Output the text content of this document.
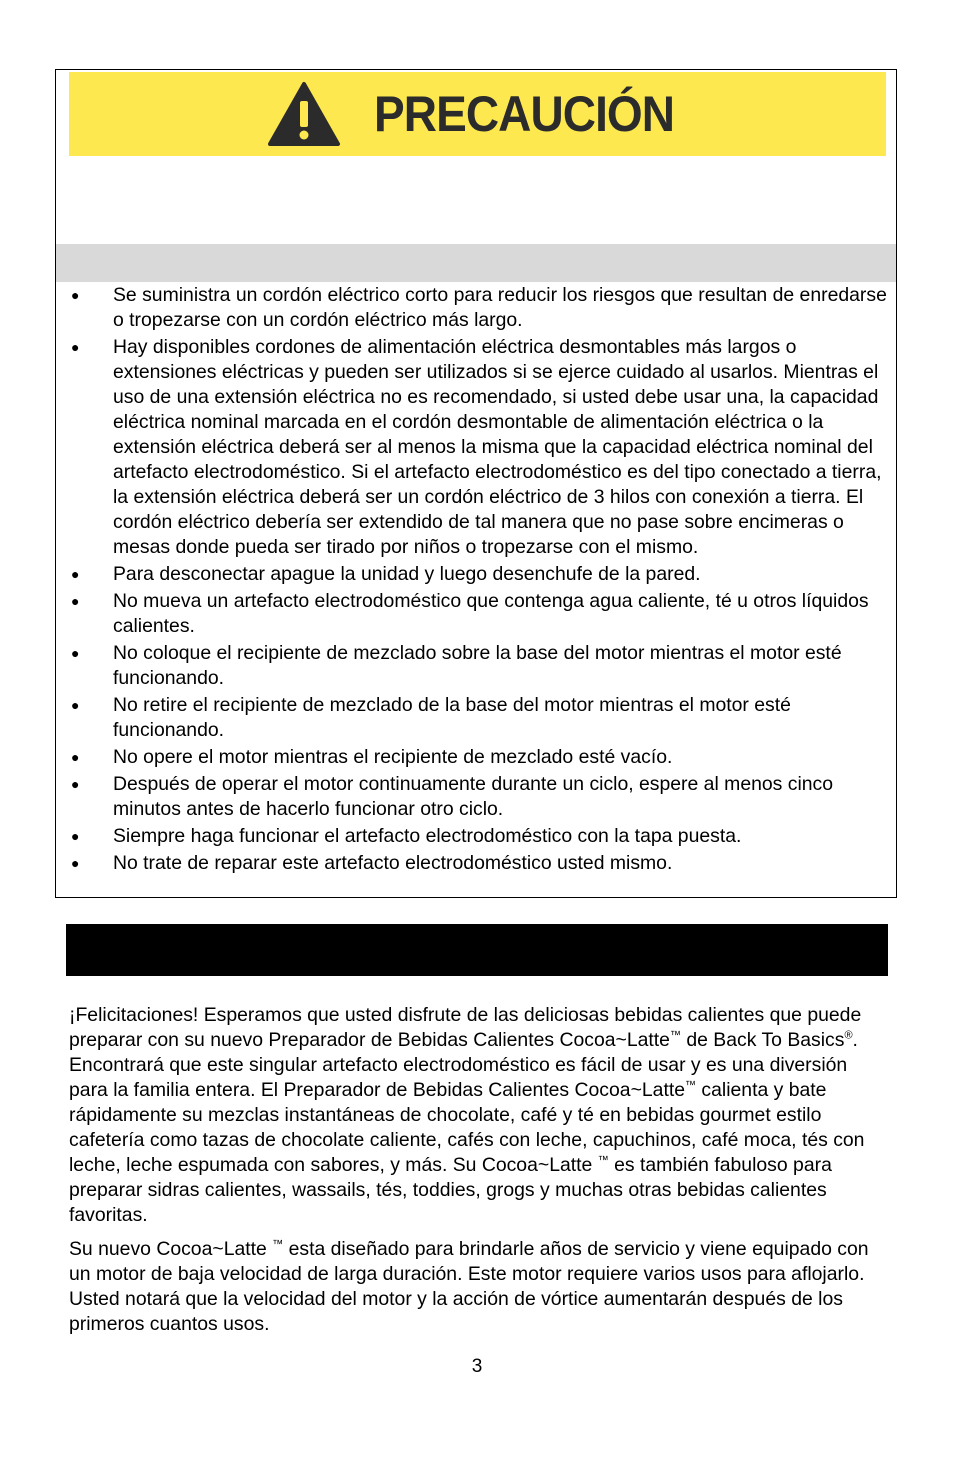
PRECAUCIÓN
● Se suministra un cordón eléctrico corto para reducir los riesgos que resultan de enredarse o tropezarse con un cordón eléctrico más largo.
● Hay disponibles cordones de alimentación eléctrica desmontables más largos o extensiones eléctricas y pueden ser utilizados si se ejerce cuidado al usarlos. Mientras el uso de una extensión eléctrica no es recomendado, si usted debe usar una, la capacidad eléctrica nominal marcada en el cordón desmontable de alimentación eléctrica o la extensión eléctrica deberá ser al menos la misma que la capacidad eléctrica nominal del artefacto electrodoméstico. Si el artefacto electrodoméstico es del tipo conectado a tierra, la extensión eléctrica deberá ser un cordón eléctrico de 3 hilos con conexión a tierra. El cordón eléctrico debería ser extendido de tal manera que no pase sobre encimeras o mesas donde pueda ser tirado por niños o tropezarse con el mismo.
● Para desconectar apague la unidad y luego desenchufe de la pared.
● No mueva un artefacto electrodoméstico que contenga agua caliente, té u otros líquidos calientes.
● No coloque el recipiente de mezclado sobre la base del motor mientras el motor esté funcionando.
● No retire el recipiente de mezclado de la base del motor mientras el motor esté funcionando.
● No opere el motor mientras el recipiente de mezclado esté vacío.
● Después de operar el motor continuamente durante un ciclo, espere al menos cinco minutos antes de hacerlo funcionar otro ciclo.
● Siempre haga funcionar el artefacto electrodoméstico con la tapa puesta.
● No trate de reparar este artefacto electrodoméstico usted mismo.

¡Felicitaciones! Esperamos que usted disfrute de las deliciosas bebidas calientes que puede preparar con su nuevo Preparador de Bebidas Calientes Cocoa~Latte™ de Back To Basics®. Encontrará que este singular artefacto electrodoméstico es fácil de usar y es una diversión para la familia entera. El Preparador de Bebidas Calientes Cocoa~Latte™ calienta y bate rápidamente su mezclas instantáneas de chocolate, café y té en bebidas gourmet estilo cafetería como tazas de chocolate caliente, cafés con leche, capuchinos, café moca, tés con leche, leche espumada con sabores, y más. Su Cocoa~Latte ™ es también fabuloso para preparar sidras calientes, wassails, tés, toddies, grogs y muchas otras bebidas calientes favoritas.

Su nuevo Cocoa~Latte ™ esta diseñado para brindarle años de servicio y viene equipado con un motor de baja velocidad de larga duración. Este motor requiere varios usos para aflojarlo. Usted notará que la velocidad del motor y la acción de vórtice aumentarán después de los primeros cuantos usos.

3
